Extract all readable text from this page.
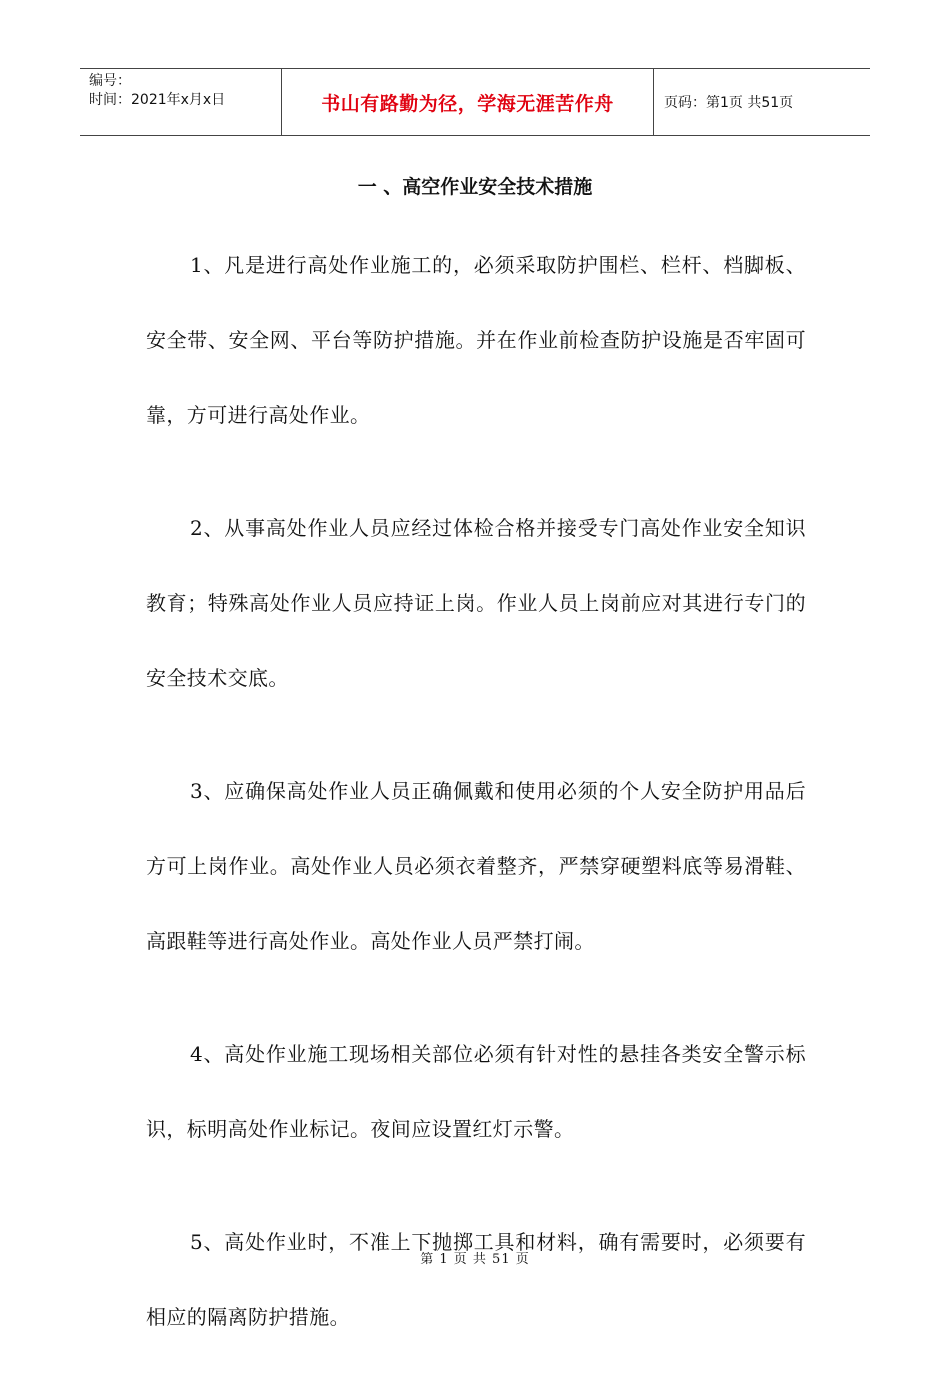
编号：
时间：2021年x月x日	书山有路勤为径，学海无涯苦作舟	页码：第1页 共51页
一 、高空作业安全技术措施

1、凡是进行高处作业施工的，必须采取防护围栏、栏杆、档脚板、安全带、安全网、平台等防护措施。并在作业前检查防护设施是否牢固可靠，方可进行高处作业。

2、从事高处作业人员应经过体检合格并接受专门高处作业安全知识教育；特殊高处作业人员应持证上岗。作业人员上岗前应对其进行专门的安全技术交底。

3、应确保高处作业人员正确佩戴和使用必须的个人安全防护用品后方可上岗作业。高处作业人员必须衣着整齐，严禁穿硬塑料底等易滑鞋、高跟鞋等进行高处作业。高处作业人员严禁打闹。

4、高处作业施工现场相关部位必须有针对性的悬挂各类安全警示标识，标明高处作业标记。夜间应设置红灯示警。

5、高处作业时，不准上下抛掷工具和材料，确有需要时，必须要有相应的隔离防护措施。

第 1 页 共 51 页
